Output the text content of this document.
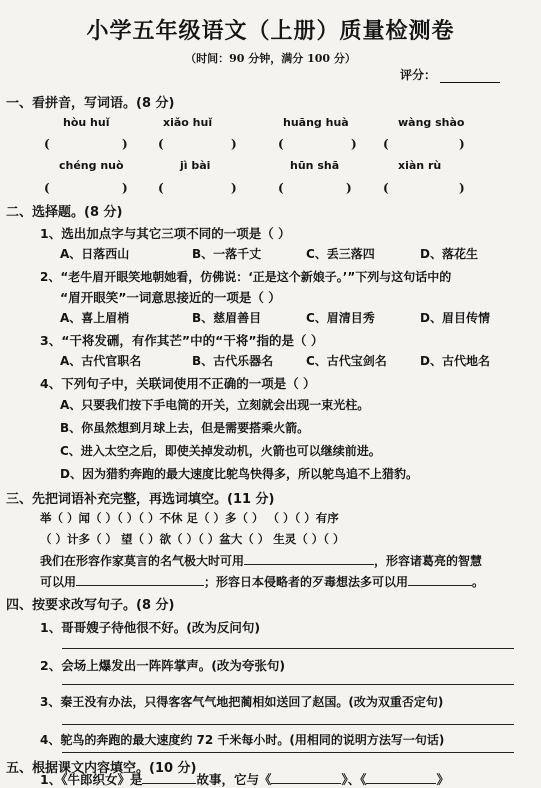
小学五年级语文（上册）质量检测卷
（时间：90 分钟，满分 100 分）
评分：
一、看拼音，写词语。(8 分)
hòu huǐ	xiǎo huǐ	huāng huà	wàng shào
(	)	(	)	(	) (	)
chéng nuò	jì bài	hūn shā	xiàn rù
(	)	(	)	(	)	(	)
二、选择题。(8 分)
1、选出加点字与其它三项不同的一项是（ ）
A、日落西山	B、一落千丈	C、丢三落四	D、落花生
2、“老牛眉开眼笑地朝她看，仿佛说：‘正是这个新娘子。’”下列与这句话中的
“眉开眼笑”一词意思接近的一项是（ ）
A、喜上眉梢	B、慈眉善目	C、眉清目秀	D、眉目传情
3、“干将发硎，有作其芒”中的“干将”指的是（ ）
A、古代官职名	B、古代乐器名	C、古代宝剑名	D、古代地名
4、下列句子中，关联词使用不正确的一项是（ ）
A、只要我们按下手电筒的开关，立刻就会出现一束光柱。
B、你虽然想到月球上去，但是需要搭乘火箭。
C、进入太空之后，即使关掉发动机，火箭也可以继续前进。
D、因为猎豹奔跑的最大速度比鸵鸟快得多，所以鸵鸟追不上猎豹。
三、先把词语补充完整，再选词填空。(11 分)
举（ ）闻（ ）（ ）（ ）不休 足（ ）多（ ） （ ）（ ）有序
（ ）计多（ ） 望（ ）欲（ ）（ ）盆大（ ） 生灵（ ）（ ）
我们在形容作家莫言的名气极大时可用	，形容诸葛亮的智慧
可以用	；形容日本侵略者的歹毒想法多可以用	。
四、按要求改写句子。(8 分)
1、哥哥嫂子待他很不好。(改为反问句)
2、会场上爆发出一阵阵掌声。(改为夸张句)
3、秦王没有办法，只得客客气气地把蔺相如送回了赵国。(改为双重否定句)
4、鸵鸟的奔跑的最大速度约 72 千米每小时。(用相同的说明方法写一句话)
五、根据课文内容填空。(10 分)
1、《牛郎织女》是	故事，它与《	》、《	》
